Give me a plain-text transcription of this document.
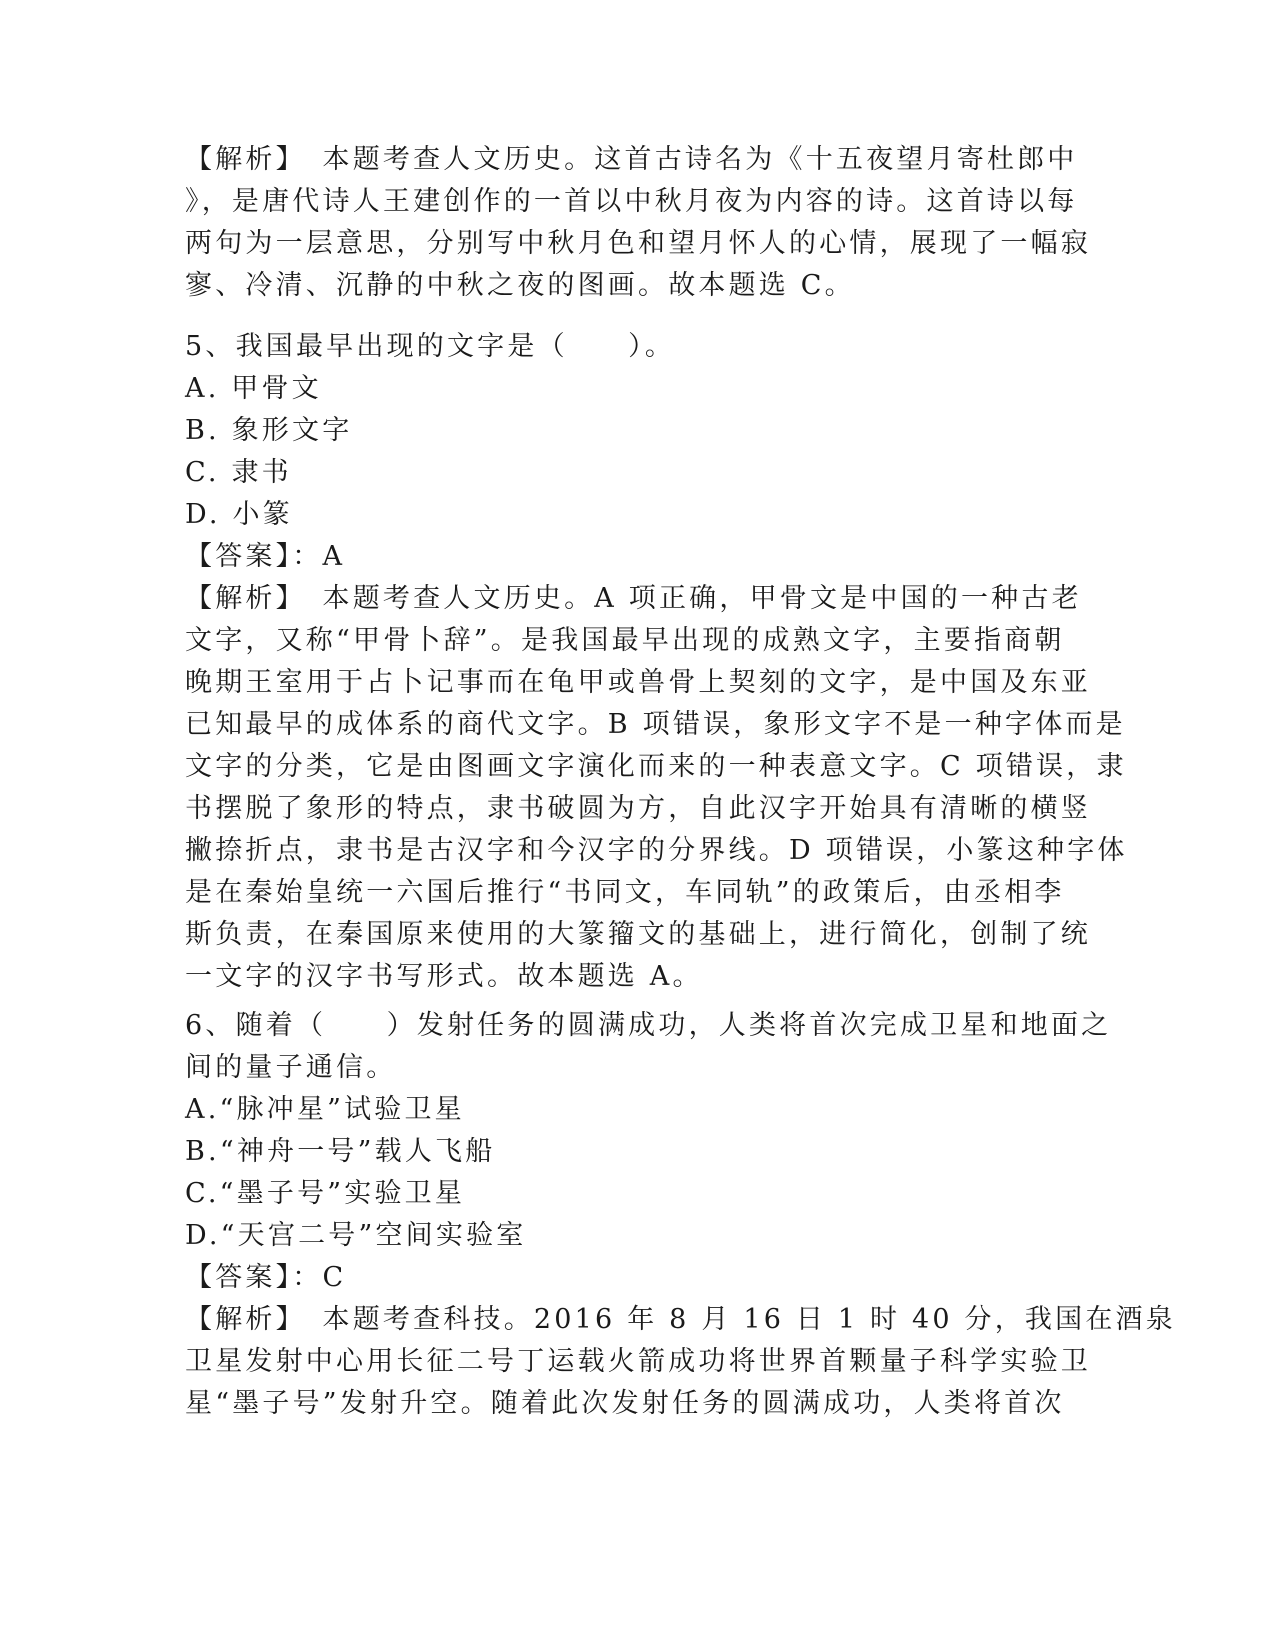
【解析】　本题考查人文历史。这首古诗名为《十五夜望月寄杜郎中
》，是唐代诗人王建创作的一首以中秋月夜为内容的诗。这首诗以每
两句为一层意思，分别写中秋月色和望月怀人的心情，展现了一幅寂
寥、冷清、沉静的中秋之夜的图画。故本题选 C。
5、我国最早出现的文字是（　　）。
A. 甲骨文
B. 象形文字
C. 隶书
D. 小篆
【答案】：A
【解析】　本题考查人文历史。A 项正确，甲骨文是中国的一种古老
文字，又称“甲骨卜辞”。是我国最早出现的成熟文字，主要指商朝
晚期王室用于占卜记事而在龟甲或兽骨上契刻的文字，是中国及东亚
已知最早的成体系的商代文字。B 项错误，象形文字不是一种字体而是
文字的分类，它是由图画文字演化而来的一种表意文字。C 项错误，隶
书摆脱了象形的特点，隶书破圆为方，自此汉字开始具有清晰的横竖
撇捺折点，隶书是古汉字和今汉字的分界线。D 项错误，小篆这种字体
是在秦始皇统一六国后推行“书同文，车同轨”的政策后，由丞相李
斯负责，在秦国原来使用的大篆籀文的基础上，进行简化，创制了统
一文字的汉字书写形式。故本题选 A。
6、随着（　　）发射任务的圆满成功，人类将首次完成卫星和地面之
间的量子通信。
A.“脉冲星”试验卫星
B.“神舟一号”载人飞船
C.“墨子号”实验卫星
D.“天宫二号”空间实验室
【答案】：C
【解析】　本题考查科技。2016 年 8 月 16 日 1 时 40 分，我国在酒泉
卫星发射中心用长征二号丁运载火箭成功将世界首颗量子科学实验卫
星“墨子号”发射升空。随着此次发射任务的圆满成功，人类将首次
